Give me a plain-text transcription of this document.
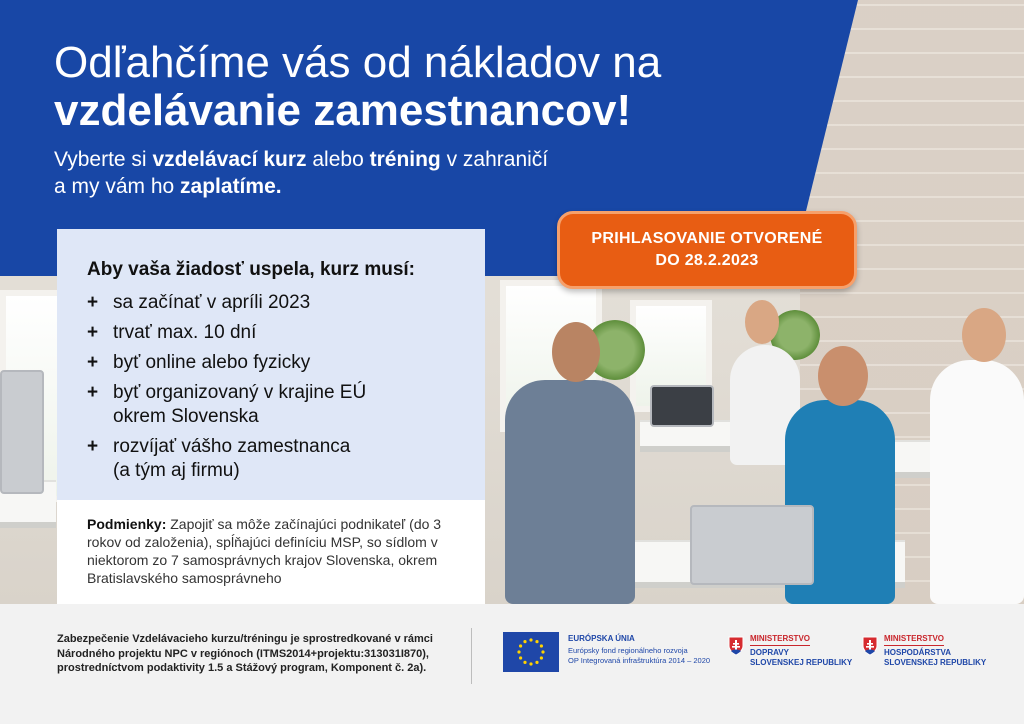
Odľahčíme vás od nákladov na
vzdelávanie zamestnancov!
Vyberte si vzdelávací kurz alebo tréning v zahraničí
a my vám ho zaplatíme.
PRIHLASOVANIE OTVORENÉ
DO 28.2.2023
Aby vaša žiadosť uspela, kurz musí:
+ sa začínať v apríli 2023
+ trvať max. 10 dní
+ byť online alebo fyzicky
+ byť organizovaný v krajine EÚ
okrem Slovenska
+ rozvíjať vášho zamestnanca
(a tým aj firmu)
Podmienky: Zapojiť sa môže začínajúci podnikateľ (do 3 rokov od založenia), spĺňajúci definíciu MSP, so sídlom v niektorom zo 7 samosprávnych krajov Slovenska, okrem Bratislavského samosprávneho
Zabezpečenie Vzdelávacieho kurzu/tréningu je sprostredkované v rámci Národného projektu NPC v regiónoch (ITMS2014+projektu:313031I870), prostredníctvom podaktivity 1.5 a Stážový program, Komponent č. 2a).
EURÓPSKA ÚNIA
Európsky fond regionálneho rozvoja
OP Integrovaná infraštruktúra 2014 – 2020
MINISTERSTVO
DOPRAVY
SLOVENSKEJ REPUBLIKY
MINISTERSTVO
HOSPODÁRSTVA
SLOVENSKEJ REPUBLIKY
